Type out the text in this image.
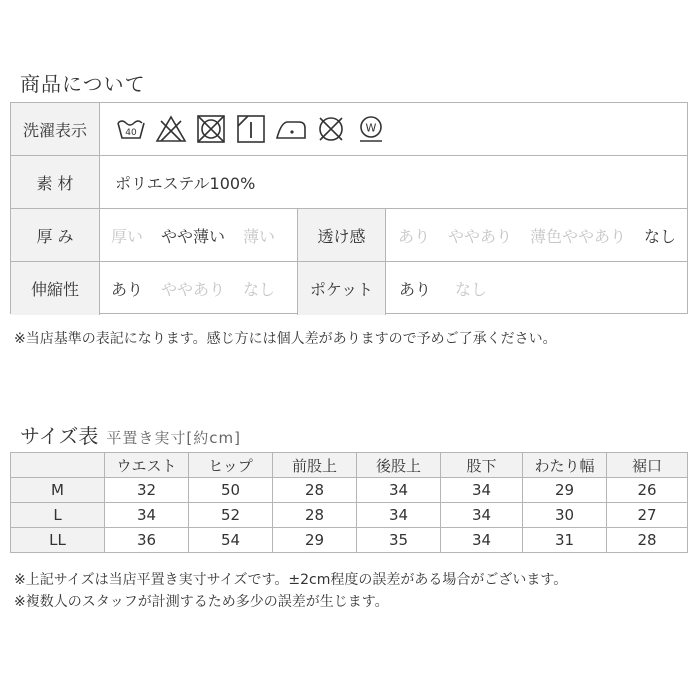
商品について
洗濯表示	40	W
素 材	ポリエステル100%
厚 み	厚い やや薄い 薄い	透け感	あり ややあり 薄色ややあり なし
伸縮性	あり ややあり なし	ポケット	あり なし
※当店基準の表記になります。感じ方には個人差がありますので予めご了承ください。
サイズ表 平置き実寸[約cm]
	ウエスト	ヒップ	前股上	後股上	股下	わたり幅	裾口
M	32	50	28	34	34	29	26
L	34	52	28	34	34	30	27
LL	36	54	29	35	34	31	28
※上記サイズは当店平置き実寸サイズです。±2cm程度の誤差がある場合がございます。
※複数人のスタッフが計測するため多少の誤差が生じます。
